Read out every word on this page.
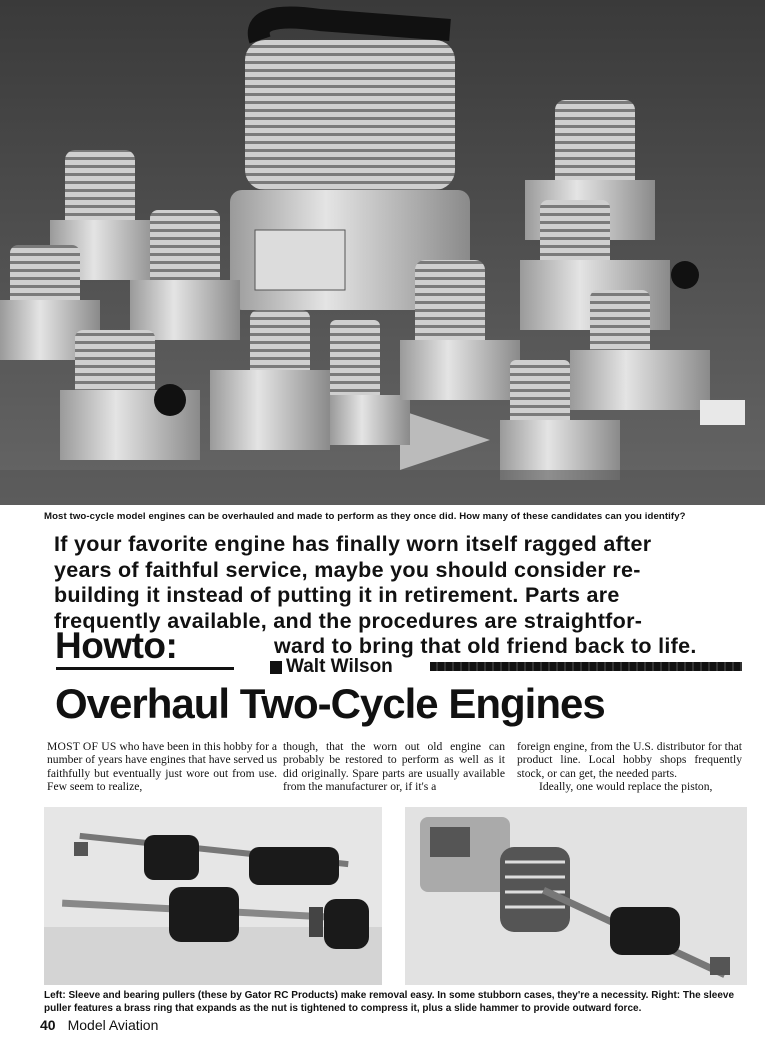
Most two-cycle model engines can be overhauled and made to perform as they once did. How many of these candidates can you identify?
If your favorite engine has finally worn itself ragged after
years of faithful service, maybe you should consider re-
building it instead of putting it in retirement. Parts are
frequently available, and the procedures are straightfor-
ward to bring that old friend back to life.
Howto:
Walt Wilson
Overhaul Two-Cycle Engines

MOST OF US who have been in this hobby for a number of years have engines that have served us faithfully but eventually just wore out from use. Few seem to realize,

though, that the worn out old engine can probably be restored to perform as well as it did originally. Spare parts are usually available from the manufacturer or, if it's a

foreign engine, from the U.S. distributor for that product line. Local hobby shops frequently stock, or can get, the needed parts.

Ideally, one would replace the piston,

Left: Sleeve and bearing pullers (these by Gator RC Products) make removal easy. In some stubborn cases, they're a necessity. Right: The sleeve puller features a brass ring that expands as the nut is tightened to compress it, plus a slide hammer to provide outward force.
40 Model Aviation
